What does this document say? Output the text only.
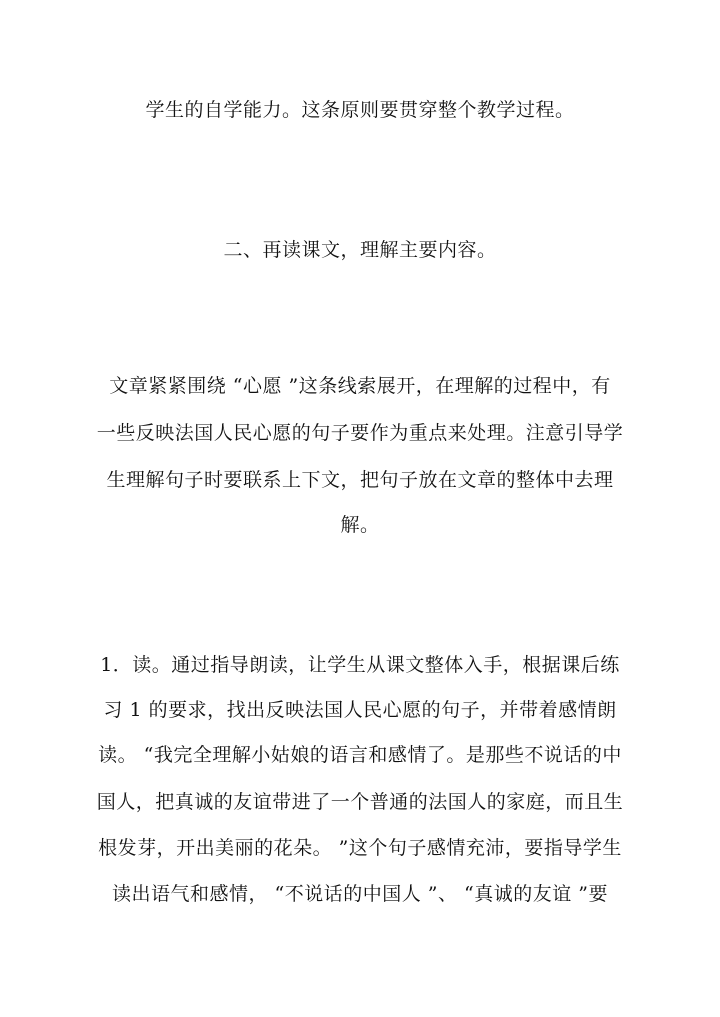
学生的自学能力。这条原则要贯穿整个教学过程。
二、再读课文，理解主要内容。
文章紧紧围绕 “心愿 ”这条线索展开，在理解的过程中，有
一些反映法国人民心愿的句子要作为重点来处理。注意引导学
生理解句子时要联系上下文，把句子放在文章的整体中去理
解。
1．读。通过指导朗读，让学生从课文整体入手，根据课后练
习 1 的要求，找出反映法国人民心愿的句子，并带着感情朗
读。 “我完全理解小姑娘的语言和感情了。是那些不说话的中
国人，把真诚的友谊带进了一个普通的法国人的家庭，而且生
根发芽，开出美丽的花朵。 ”这个句子感情充沛，要指导学生
读出语气和感情， “不说话的中国人 ”、 “真诚的友谊 ”要
